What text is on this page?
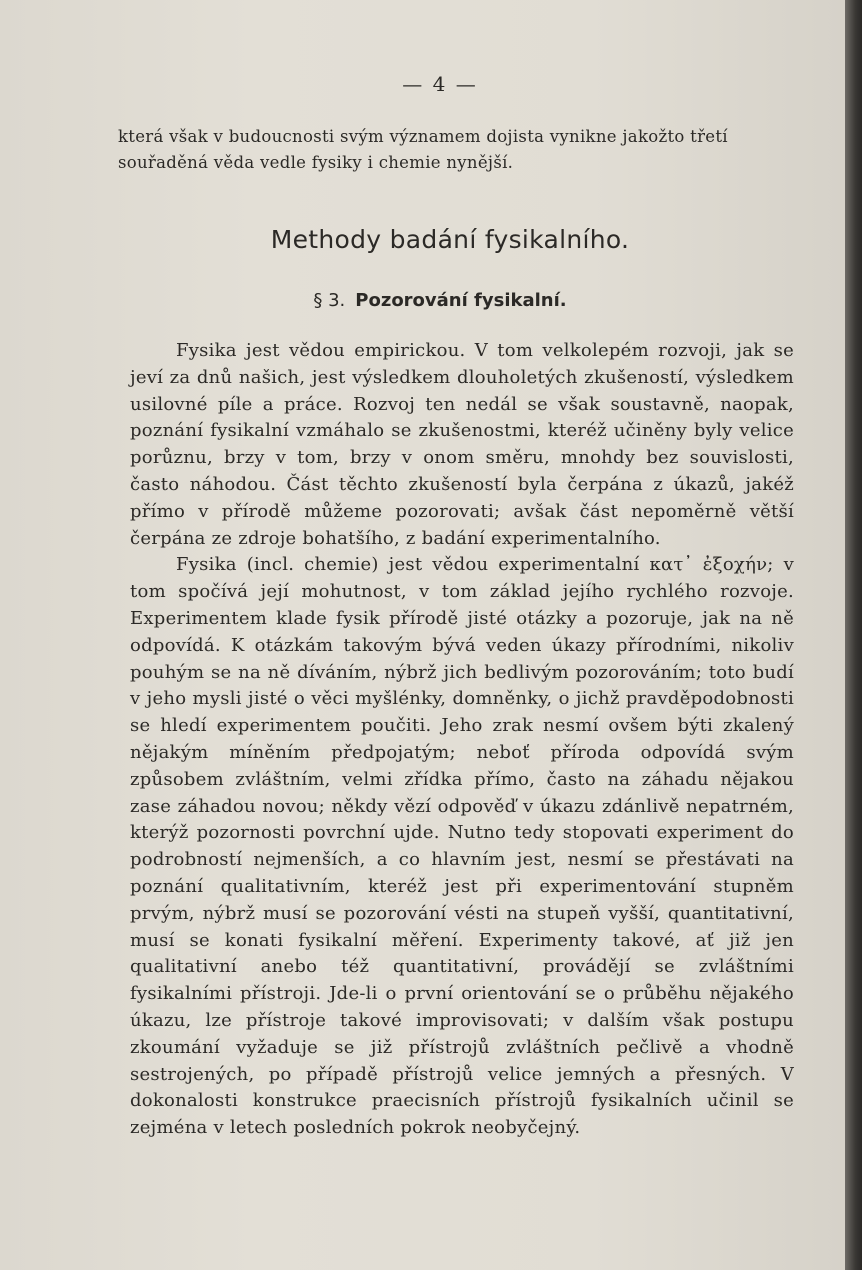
— 4 —
která však v budoucnosti svým významem dojista vynikne jakožto třetí souřaděná věda vedle fysiky i chemie nynější.
Methody badání fysikalního.
§ 3. Pozorování fysikalní.

Fysika jest vědou empirickou. V tom velkolepém rozvoji, jak se jeví za dnů našich, jest výsledkem dlouholetých zkušeností, výsledkem usilovné píle a práce. Rozvoj ten nedál se však soustavně, naopak, poznání fysikalní vzmáhalo se zkušenostmi, kteréž učiněny byly velice porůznu, brzy v tom, brzy v onom směru, mnohdy bez souvislosti, často náhodou. Část těchto zkušeností byla čerpána z úkazů, jakéž přímo v přírodě můžeme pozorovati; avšak část nepoměrně větší čerpána ze zdroje bohatšího, z badání experimentalního.

Fysika (incl. chemie) jest vědou experimentalní κατ᾽ ἐξοχήν; v tom spočívá její mohutnost, v tom základ jejího rychlého rozvoje. Experimentem klade fysik přírodě jisté otázky a pozoruje, jak na ně odpovídá. K otázkám takovým bývá veden úkazy přírodními, nikoliv pouhým se na ně díváním, nýbrž jich bedlivým pozorováním; toto budí v jeho mysli jisté o věci myšlénky, domněnky, o jichž pravděpodobnosti se hledí experimentem poučiti. Jeho zrak nesmí ovšem býti zkalený nějakým míněním předpojatým; neboť příroda odpovídá svým způsobem zvláštním, velmi zřídka přímo, často na záhadu nějakou zase záhadou novou; někdy vězí odpověď v úkazu zdánlivě nepatrném, kterýž pozornosti povrchní ujde. Nutno tedy stopovati experiment do podrobností nejmenších, a co hlavním jest, nesmí se přestávati na poznání qualitativním, kteréž jest při experimentování stupněm prvým, nýbrž musí se pozorování vésti na stupeň vyšší, quantitativní, musí se konati fysikalní měření. Experimenty takové, ať již jen qualitativní anebo též quantitativní, provádějí se zvláštními fysikalními přístroji. Jde-li o první orientování se o průběhu nějakého úkazu, lze přístroje takové improvisovati; v dalším však postupu zkoumání vyžaduje se již přístrojů zvláštních pečlivě a vhodně sestrojených, po případě přístrojů velice jemných a přesných. V dokonalosti konstrukce praecisních přístrojů fysikalních učinil se zejména v letech posledních pokrok neobyčejný.
